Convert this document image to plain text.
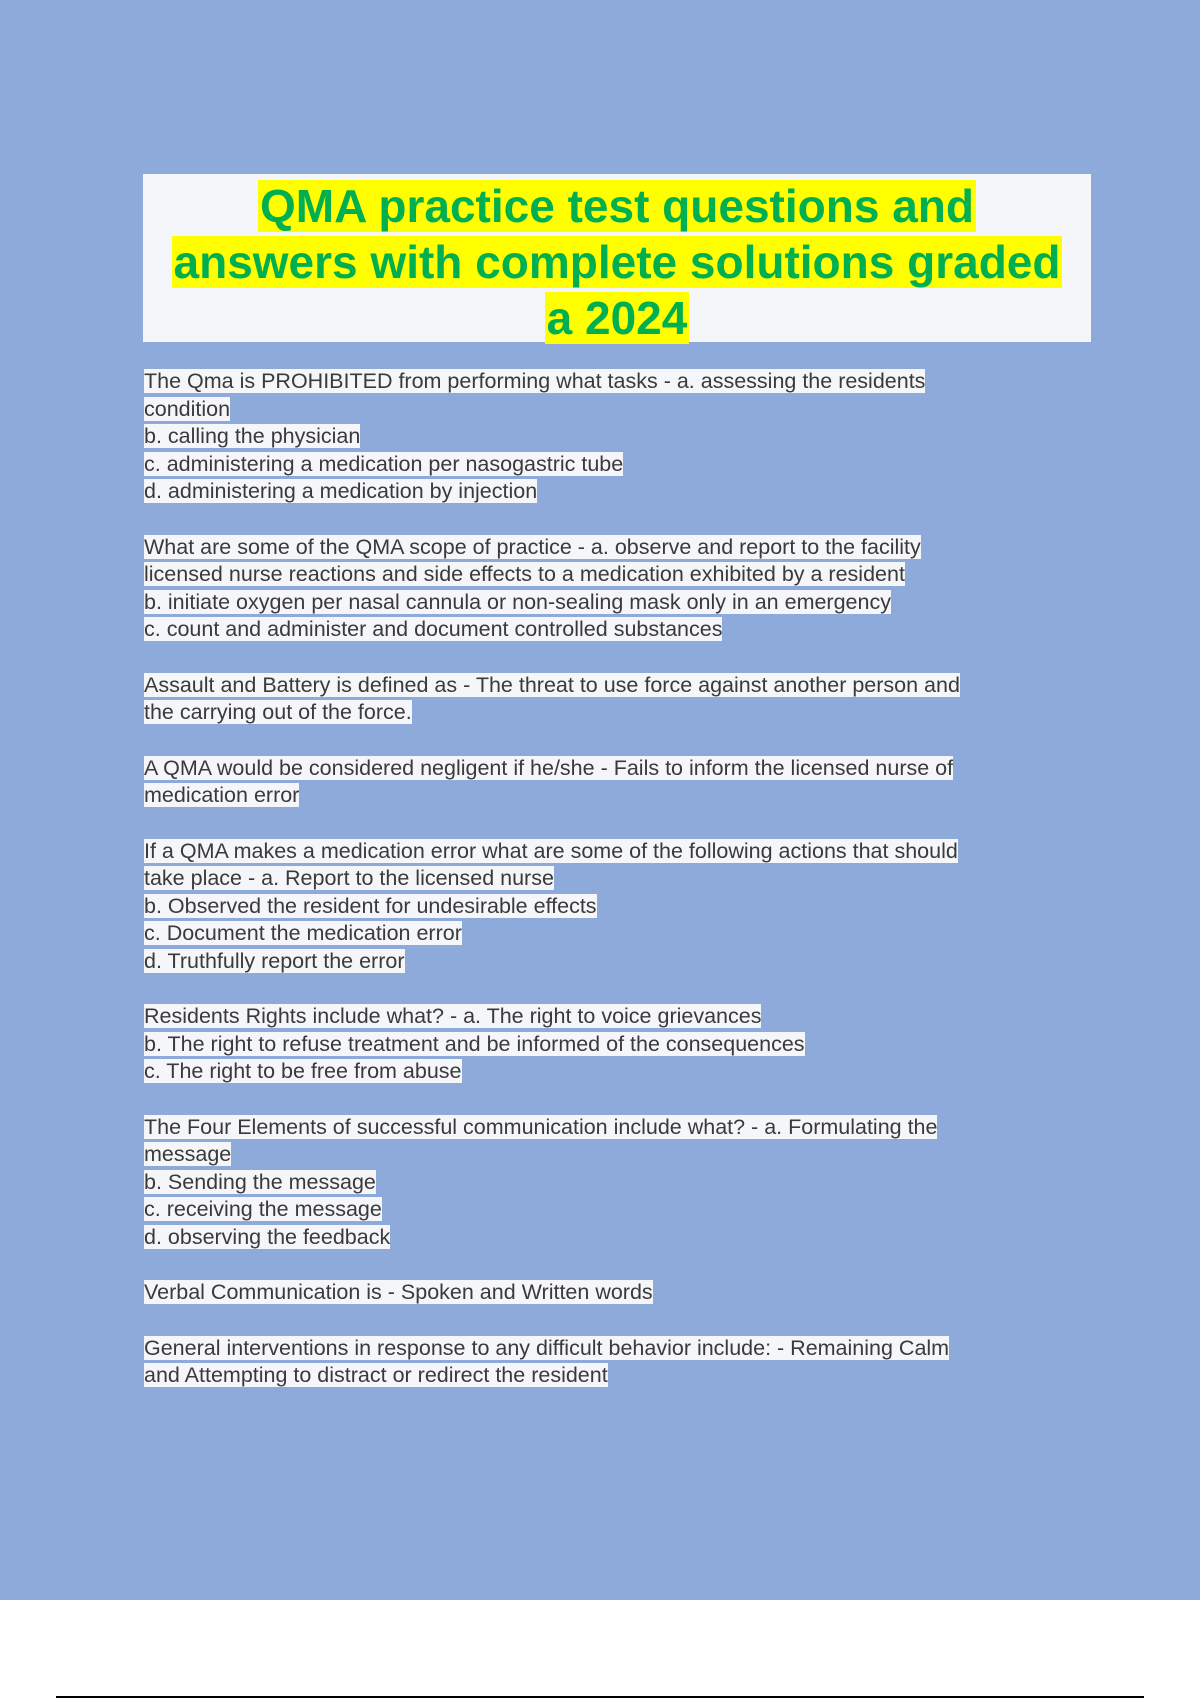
QMA practice test questions and
answers with complete solutions graded
a 2024
The Qma is PROHIBITED from performing what tasks - a. assessing the residents
condition
b. calling the physician
c. administering a medication per nasogastric tube
d. administering a medication by injection
What are some of the QMA scope of practice - a. observe and report to the facility
licensed nurse reactions and side effects to a medication exhibited by a resident
b. initiate oxygen per nasal cannula or non-sealing mask only in an emergency
c. count and administer and document controlled substances
Assault and Battery is defined as - The threat to use force against another person and
the carrying out of the force.
A QMA would be considered negligent if he/she - Fails to inform the licensed nurse of
medication error
If a QMA makes a medication error what are some of the following actions that should
take place - a. Report to the licensed nurse
b. Observed the resident for undesirable effects
c. Document the medication error
d. Truthfully report the error
Residents Rights include what? - a. The right to voice grievances
b. The right to refuse treatment and be informed of the consequences
c. The right to be free from abuse
The Four Elements of successful communication include what? - a. Formulating the
message
b. Sending the message
c. receiving the message
d. observing the feedback
Verbal Communication is - Spoken and Written words
General interventions in response to any difficult behavior include: - Remaining Calm
and Attempting to distract or redirect the resident
